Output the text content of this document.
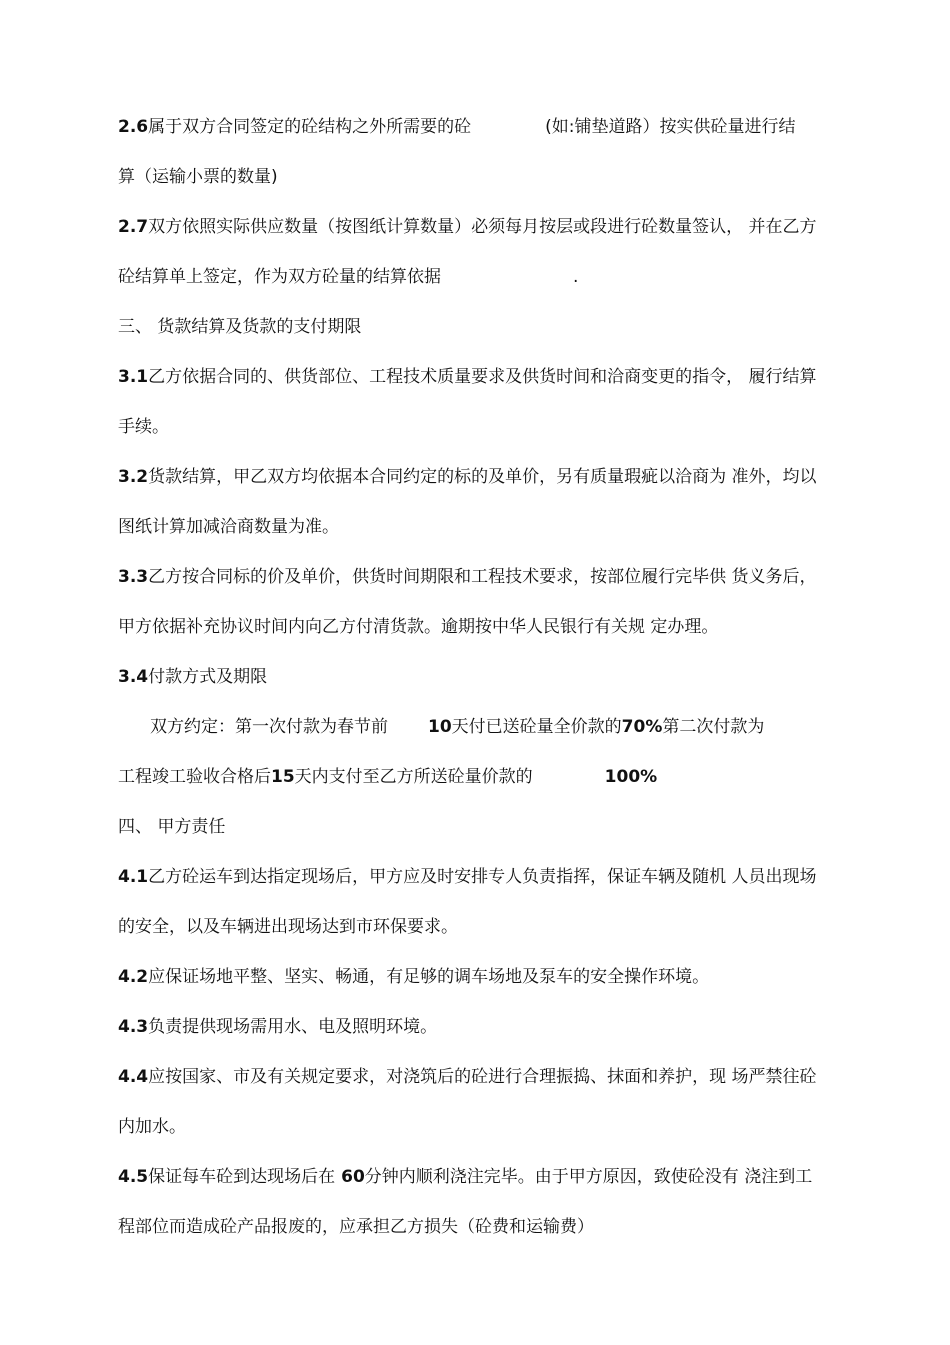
2.6属于双方合同签定的砼结构之外所需要的砼	(如:铺垫道路）按实供砼量进行结
算（运输小票的数量)
2.7双方依照实际供应数量（按图纸计算数量）必须每月按层或段进行砼数量签认， 并在乙方
砼结算单上签定，作为双方砼量的结算依据	.
三、 货款结算及货款的支付期限
3.1乙方依据合同的、供货部位、工程技术质量要求及供货时间和洽商变更的指令， 履行结算
手续。
3.2货款结算，甲乙双方均依据本合同约定的标的及单价，另有质量瑕疵以洽商为 准外，均以
图纸计算加减洽商数量为准。
3.3乙方按合同标的价及单价，供货时间期限和工程技术要求，按部位履行完毕供 货义务后，
甲方依据补充协议时间内向乙方付清货款。逾期按中华人民银行有关规 定办理。
3.4付款方式及期限
双方约定：第一次付款为春节前 10天付已送砼量全价款的70%第二次付款为
工程竣工验收合格后15天内支付至乙方所送砼量价款的	100%
四、 甲方责任
4.1乙方砼运车到达指定现场后，甲方应及时安排专人负责指挥，保证车辆及随机 人员出现场
的安全，以及车辆进出现场达到市环保要求。
4.2应保证场地平整、坚实、畅通，有足够的调车场地及泵车的安全操作环境。
4.3负责提供现场需用水、电及照明环境。
4.4应按国家、市及有关规定要求，对浇筑后的砼进行合理振捣、抹面和养护，现 场严禁往砼
内加水。
4.5保证每车砼到达现场后在 60分钟内顺利浇注完毕。由于甲方原因，致使砼没有 浇注到工
程部位而造成砼产品报废的，应承担乙方损失（砼费和运输费）
